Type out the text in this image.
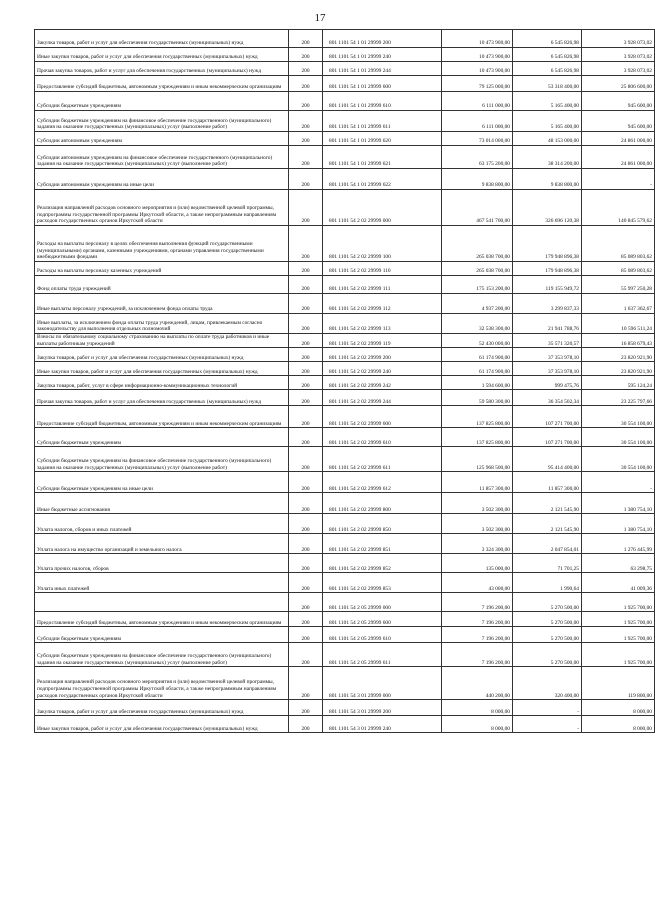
17
Закупка товаров, работ и услуг для обеспечения государственных (муниципальных) нужд	200	801 1101 54 1 01 29999 200	10 473 900,00	6 545 826,98	3 928 073,02
Иные закупки товаров, работ и услуг для обеспечения государственных (муниципальных) нужд	200	801 1101 54 1 01 29999 240	10 473 900,00	6 545 826,98	3 928 073,02
Прочая закупка товаров, работ и услуг для обеспечения государственных (муниципальных) нужд	200	801 1101 54 1 01 29999 244	10 473 900,00	6 545 826,98	3 928 073,02
Предоставление субсидий бюджетным, автономным учреждениям и иным некоммерческим организациям	200	801 1101 54 1 01 29999 600	79 125 000,00	53 318 400,00	25 806 600,00
Субсидии бюджетным учреждениям	200	801 1101 54 1 01 29999 610	6 111 000,00	5 165 400,00	945 600,00
Субсидии бюджетным учреждениям на финансовое обеспечение государственного (муниципального) задания на оказание государственных (муниципальных) услуг (выполнение работ)	200	801 1101 54 1 01 29999 611	6 111 000,00	5 165 400,00	945 600,00
Субсидии автономным учреждениям	200	801 1101 54 1 01 29999 620	73 014 000,00	48 153 000,00	24 861 000,00
Субсидии автономным учреждениям на финансовое обеспечение государственного (муниципального) задания на оказание государственных (муниципальных) услуг (выполнение работ)	200	801 1101 54 1 01 29999 621	63 175 200,00	38 314 200,00	24 861 000,00
Субсидии автономным учреждениям на иные цели	200	801 1101 54 1 01 29999 622	9 838 800,00	9 838 800,00	-
Реализация направлений расходов основного мероприятия и (или) ведомственной целевой программы, подпрограммы государственной программы Иркутской области, а также непрограммным направлениям расходов государственных органов Иркутской области	200	801 1101 54 2 02 29999 000	467 541 700,00	326 696 120,38	140 845 579,62
Расходы на выплаты персоналу в целях обеспечения выполнения функций государственными (муниципальными) органами, казенными учреждениями, органами управления государственными внебюджетными фондами	200	801 1101 54 2 02 29999 100	265 038 700,00	179 948 896,38	85 089 803,62
Расходы на выплаты персоналу казенных учреждений	200	801 1101 54 2 02 29999 110	265 038 700,00	179 948 896,38	85 089 803,62
Фонд оплаты труда учреждений	200	801 1101 54 2 02 29999 111	175 153 200,00	119 155 949,72	55 997 250,28
Иные выплаты персоналу учреждений, за исключением фонда оплаты труда	200	801 1101 54 2 02 29999 112	4 937 200,00	3 299 837,33	1 637 362,67
Иные выплаты, за исключением фонда оплаты труда учреждений, лицам, привлекаемым согласно законодательству для выполнения отдельных полномочий	200	801 1101 54 2 02 29999 113	32 538 300,00	21 941 788,76	10 596 511,24
Взносы по обязательному социальному страхованию на выплаты по оплате труда работников и иные выплаты работникам учреждений	200	801 1101 54 2 02 29999 119	52 430 000,00	35 571 320,57	16 858 679,43
Закупка товаров, работ и услуг для обеспечения государственных (муниципальных) нужд	200	801 1101 54 2 02 29999 200	61 174 900,00	37 353 978,10	23 820 921,90
Иные закупки товаров, работ и услуг для обеспечения государственных (муниципальных) нужд	200	801 1101 54 2 02 29999 240	61 174 900,00	37 353 978,10	23 820 921,90
Закупка товаров, работ, услуг в сфере информационно-коммуникационных технологий	200	801 1101 54 2 02 29999 242	1 594 600,00	999 475,76	595 124,24
Прочая закупка товаров, работ и услуг для обеспечения государственных (муниципальных) нужд	200	801 1101 54 2 02 29999 244	59 580 300,00	36 354 502,34	23 225 797,66
Предоставление субсидий бюджетным, автономным учреждениям и иным некоммерческим организациям	200	801 1101 54 2 02 29999 600	137 825 800,00	107 271 700,00	30 554 100,00
Субсидии бюджетным учреждениям	200	801 1101 54 2 02 29999 610	137 825 800,00	107 271 700,00	30 554 100,00
Субсидии бюджетным учреждениям на финансовое обеспечение государственного (муниципального) задания на оказание государственных (муниципальных) услуг (выполнение работ)	200	801 1101 54 2 02 29999 611	125 968 500,00	95 414 400,00	30 554 100,00
Субсидии бюджетным учреждениям на иные цели	200	801 1101 54 2 02 29999 612	11 857 300,00	11 857 300,00	-
Иные бюджетные ассигнования	200	801 1101 54 2 02 29999 800	3 502 300,00	2 121 545,90	1 380 754,10
Уплата налогов, сборов и иных платежей	200	801 1101 54 2 02 29999 850	3 502 300,00	2 121 545,90	1 380 754,10
Уплата налога на имущество организаций и земельного налога	200	801 1101 54 2 02 29999 851	3 324 300,00	2 047 854,01	1 276 445,99
Уплата прочих налогов, сборов	200	801 1101 54 2 02 29999 852	135 000,00	71 701,25	63 298,75
Уплата иных платежей	200	801 1101 54 2 02 29999 853	43 000,00	1 990,64	41 009,36
	200	801 1101 54 2 05 29999 000	7 196 200,00	5 270 500,00	1 925 700,00
Предоставление субсидий бюджетным, автономным учреждениям и иным некоммерческим организациям	200	801 1101 54 2 05 29999 600	7 196 200,00	5 270 500,00	1 925 700,00
Субсидии бюджетным учреждениям	200	801 1101 54 2 05 29999 610	7 196 200,00	5 270 500,00	1 925 700,00
Субсидии бюджетным учреждениям на финансовое обеспечение государственного (муниципального) задания на оказание государственных (муниципальных) услуг (выполнение работ)	200	801 1101 54 2 05 29999 611	7 196 200,00	5 270 500,00	1 925 700,00
Реализация направлений расходов основного мероприятия и (или) ведомственной целевой программы, подпрограммы государственной программы Иркутской области, а также непрограммным направлениям расходов государственных органов Иркутской области	200	801 1101 54 3 01 29999 000	440 200,00	320 400,00	119 800,00
Закупка товаров, работ и услуг для обеспечения государственных (муниципальных) нужд	200	801 1101 54 3 01 29999 200	8 000,00	-	8 000,00
Иные закупки товаров, работ и услуг для обеспечения государственных (муниципальных) нужд	200	801 1101 54 3 01 29999 240	8 000,00	-	8 000,00
